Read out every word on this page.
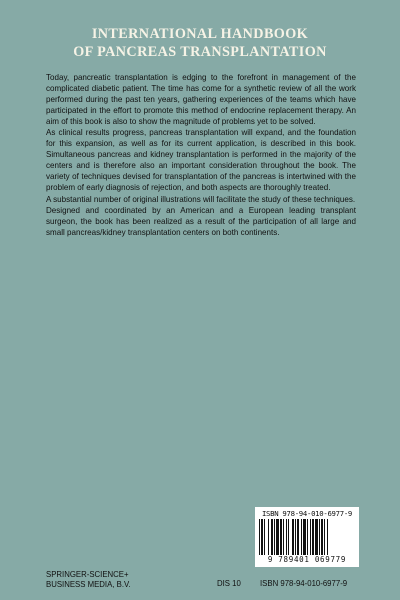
INTERNATIONAL HANDBOOK
OF PANCREAS TRANSPLANTATION

Today, pancreatic transplantation is edging to the forefront in management of the complicated diabetic patient. The time has come for a synthetic review of all the work performed during the past ten years, gathering experiences of the teams which have participated in the effort to promote this method of endocrine replacement therapy. An aim of this book is also to show the magnitude of problems yet to be solved.

As clinical results progress, pancreas transplantation will expand, and the foundation for this expansion, as well as for its current application, is described in this book. Simultaneous pancreas and kidney transplantation is performed in the majority of the centers and is therefore also an important consideration throughout the book. The variety of techniques devised for transplantation of the pancreas is intertwined with the problem of early diagnosis of rejection, and both aspects are thoroughly treated.

A substantial number of original illustrations will facilitate the study of these techniques.

Designed and coordinated by an American and a European leading transplant surgeon, the book has been realized as a result of the participation of all large and small pancreas/kidney transplantation centers on both continents.

ISBN 978-94-010-6977-9
9 789401 069779
SPRINGER-SCIENCE+
BUSINESS MEDIA, B.V.	DIS 10 ISBN 978-94-010-6977-9
